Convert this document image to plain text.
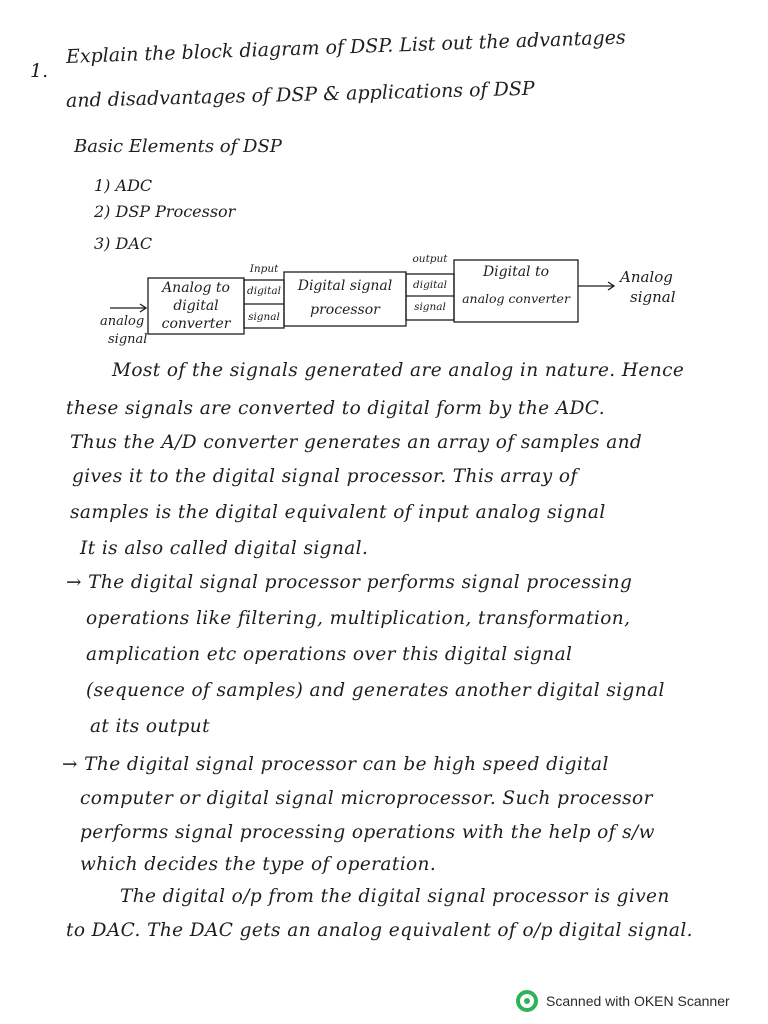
1.
Explain the block diagram of DSP. List out the advantages
and disadvantages of DSP & applications of DSP
Basic Elements of DSP
1) ADC
2) DSP Processor
3) DAC
analog
signal
Analog to
digital
converter
Input
digital
signal
Digital signal
processor
output
digital
signal
Digital to
analog converter
Analog
signal
Most of the signals generated are analog in nature. Hence
these signals are converted to digital form by the ADC.
Thus the A/D converter generates an array of samples and
gives it to the digital signal processor. This array of
samples is the digital equivalent of input analog signal
It is also called digital signal.
→ The digital signal processor performs signal processing
operations like filtering, multiplication, transformation,
amplication etc operations over this digital signal
(sequence of samples) and generates another digital signal
at its output
→ The digital signal processor can be high speed digital
computer or digital signal microprocessor. Such processor
performs signal processing operations with the help of s/w
which decides the type of operation.
The digital o/p from the digital signal processor is given
to DAC. The DAC gets an analog equivalent of o/p digital signal.
Scanned with OKEN Scanner
